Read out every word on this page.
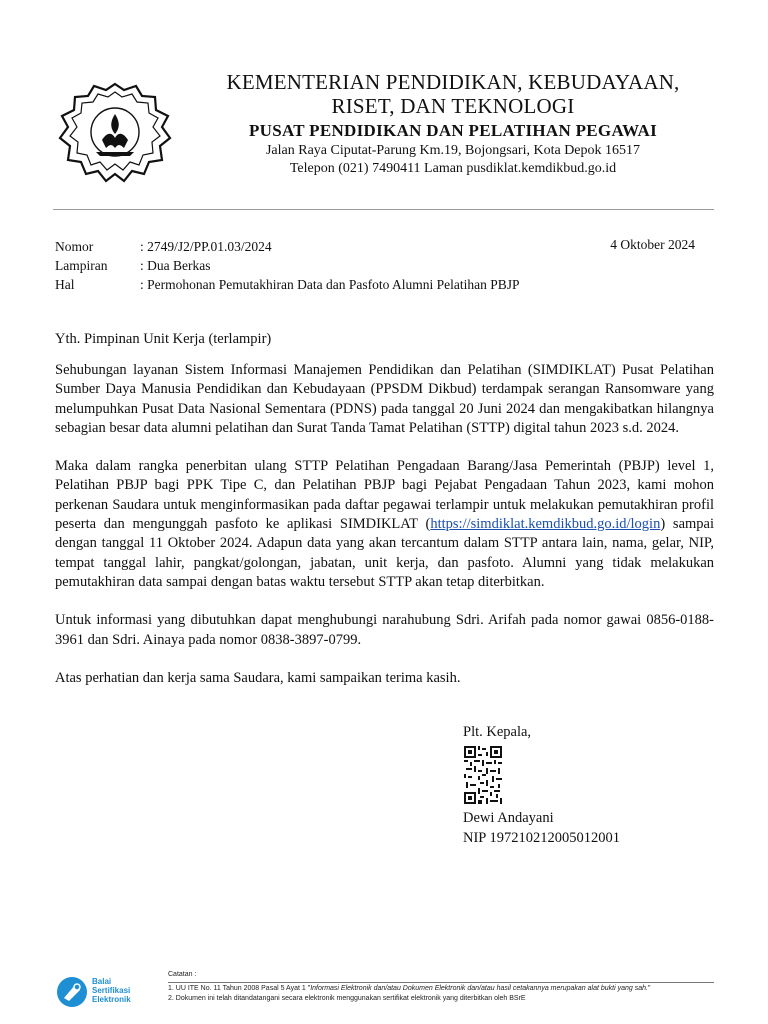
KEMENTERIAN PENDIDIKAN, KEBUDAYAAN,
RISET, DAN TEKNOLOGI
PUSAT PENDIDIKAN DAN PELATIHAN PEGAWAI
Jalan Raya Ciputat-Parung Km.19, Bojongsari, Kota Depok 16517
Telepon (021) 7490411 Laman pusdiklat.kemdikbud.go.id
Nomor	: 2749/J2/PP.01.03/2024
Lampiran	: Dua Berkas
Hal	: Permohonan Pemutakhiran Data dan Pasfoto Alumni Pelatihan PBJP
4 Oktober 2024
Yth. Pimpinan Unit Kerja (terlampir)

Sehubungan layanan Sistem Informasi Manajemen Pendidikan dan Pelatihan (SIMDIKLAT) Pusat Pelatihan Sumber Daya Manusia Pendidikan dan Kebudayaan (PPSDM Dikbud) terdampak serangan Ransomware yang melumpuhkan Pusat Data Nasional Sementara (PDNS) pada tanggal 20 Juni 2024 dan mengakibatkan hilangnya sebagian besar data alumni pelatihan dan Surat Tanda Tamat Pelatihan (STTP) digital tahun 2023 s.d. 2024.

Maka dalam rangka penerbitan ulang STTP Pelatihan Pengadaan Barang/Jasa Pemerintah (PBJP) level 1, Pelatihan PBJP bagi PPK Tipe C, dan Pelatihan PBJP bagi Pejabat Pengadaan Tahun 2023, kami mohon perkenan Saudara untuk menginformasikan pada daftar pegawai terlampir untuk melakukan pemutakhiran profil peserta dan mengunggah pasfoto ke aplikasi SIMDIKLAT (https://simdiklat.kemdikbud.go.id/login) sampai dengan tanggal 11 Oktober 2024. Adapun data yang akan tercantum dalam STTP antara lain, nama, gelar, NIP, tempat tanggal lahir, pangkat/golongan, jabatan, unit kerja, dan pasfoto. Alumni yang tidak melakukan pemutakhiran data sampai dengan batas waktu tersebut STTP akan tetap diterbitkan.

Untuk informasi yang dibutuhkan dapat menghubungi narahubung Sdri. Arifah pada nomor gawai 0856-0188-3961 dan Sdri. Ainaya pada nomor 0838-3897-0799.

Atas perhatian dan kerja sama Saudara, kami sampaikan terima kasih.

Plt. Kepala,
Dewi Andayani
NIP 197210212005012001
Balai
Sertifikasi
Elektronik
Catatan :
1. UU ITE No. 11 Tahun 2008 Pasal 5 Ayat 1 "Informasi Elektronik dan/atau Dokumen Elektronik dan/atau hasil cetakannya merupakan alat bukti yang sah."
2. Dokumen ini telah ditandatangani secara elektronik menggunakan sertifikat elektronik yang diterbitkan oleh BSrE
